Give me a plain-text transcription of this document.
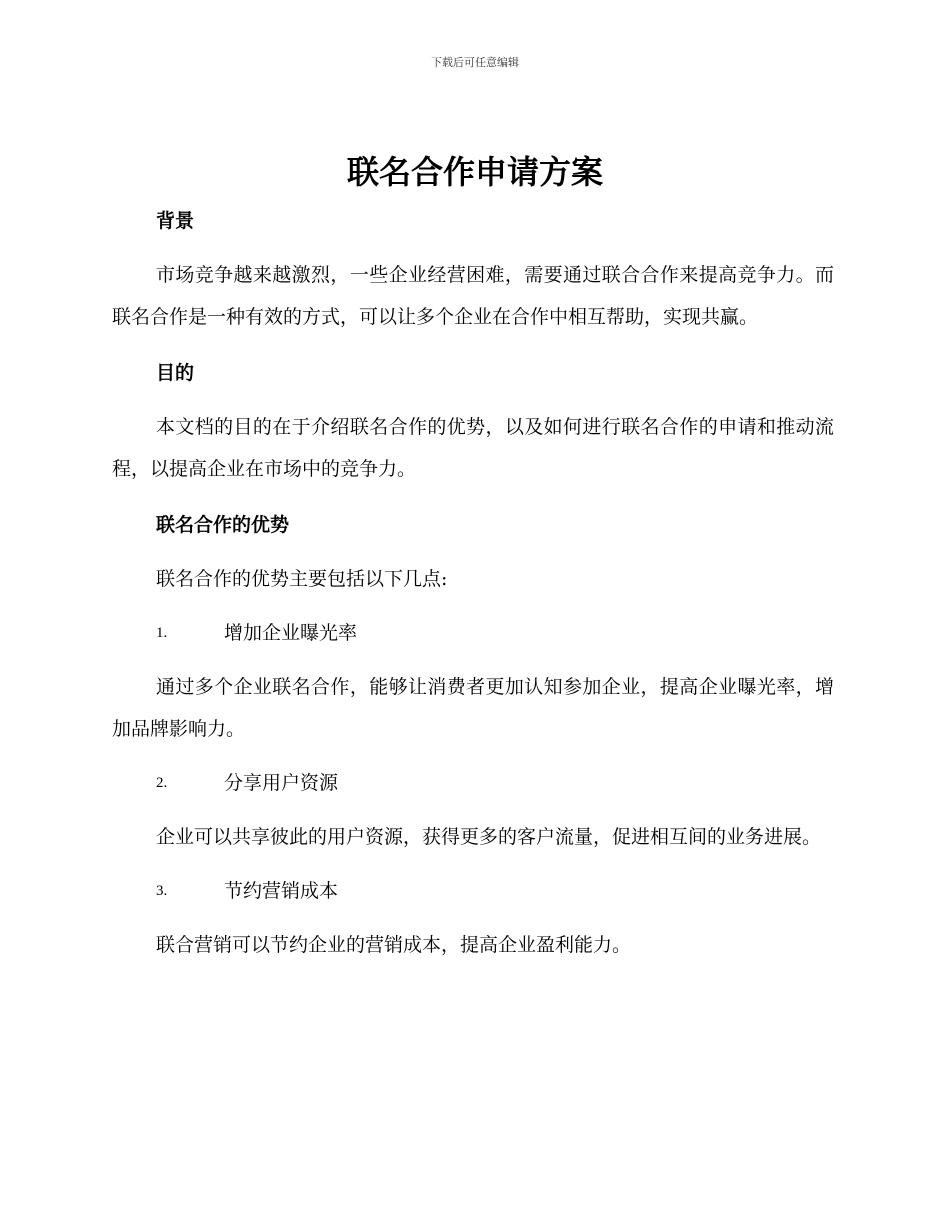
下载后可任意编辑
联名合作申请方案
背景

市场竞争越来越激烈，一些企业经营困难，需要通过联合合作来提高竞争力。而联名合作是一种有效的方式，可以让多个企业在合作中相互帮助，实现共赢。

目的

本文档的目的在于介绍联名合作的优势，以及如何进行联名合作的申请和推动流程，以提高企业在市场中的竞争力。

联名合作的优势

联名合作的优势主要包括以下几点:

1.	增加企业曝光率

通过多个企业联名合作，能够让消费者更加认知参加企业，提高企业曝光率，增加品牌影响力。

2.	分享用户资源

企业可以共享彼此的用户资源，获得更多的客户流量，促进相互间的业务进展。

3.	节约营销成本

联合营销可以节约企业的营销成本，提高企业盈利能力。
